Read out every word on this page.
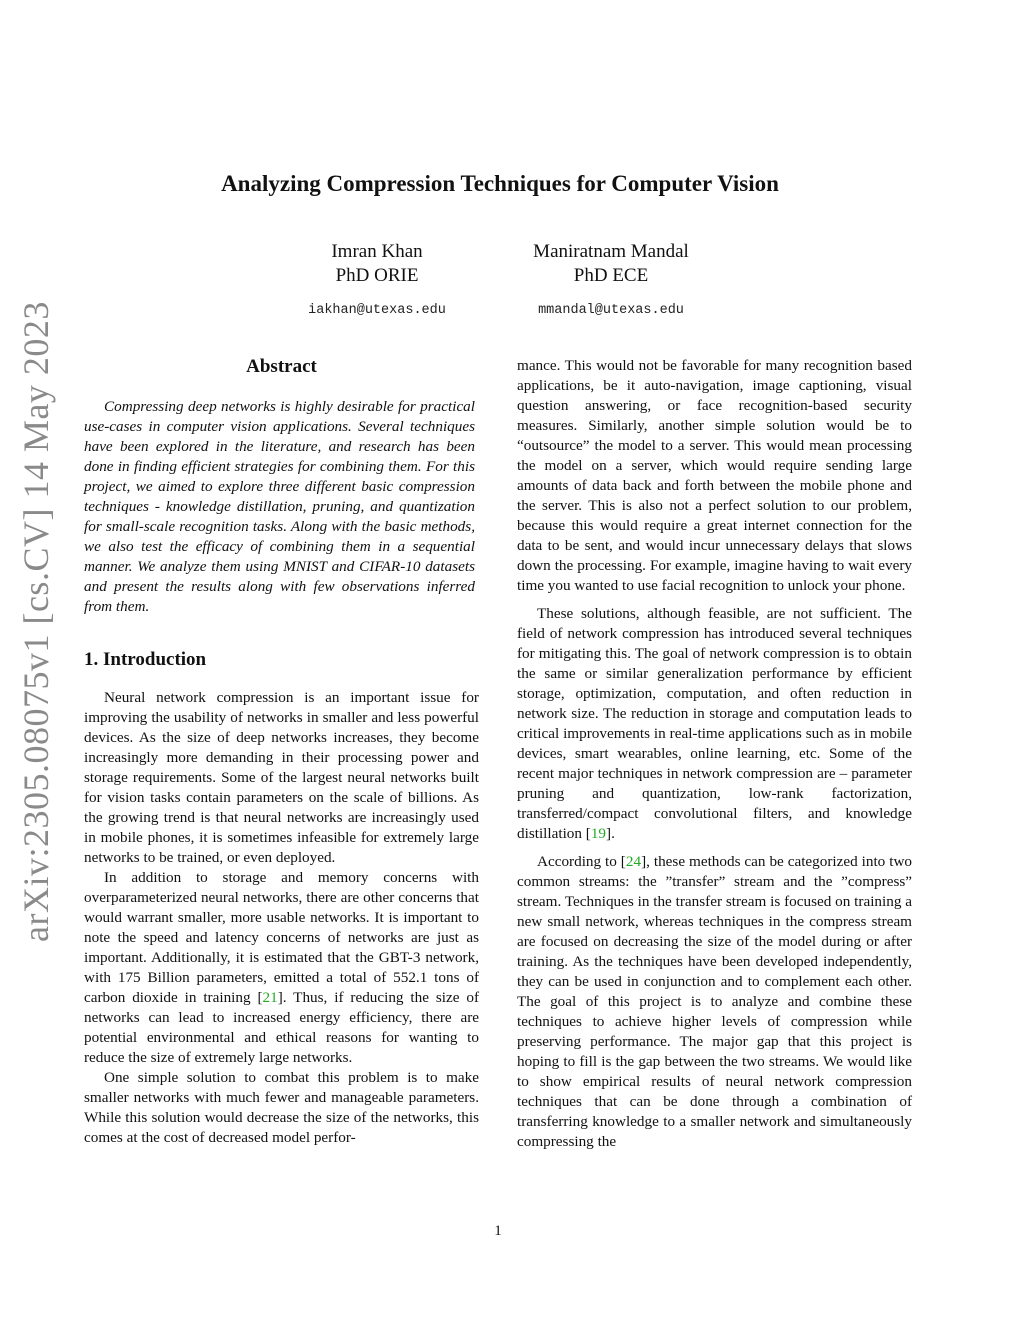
arXiv:2305.08075v1 [cs.CV] 14 May 2023
Analyzing Compression Techniques for Computer Vision
Imran Khan
PhD ORIE
iakhan@utexas.edu
Maniratnam Mandal
PhD ECE
mmandal@utexas.edu
Abstract

Compressing deep networks is highly desirable for practical use-cases in computer vision applications. Several techniques have been explored in the literature, and research has been done in finding efficient strategies for combining them. For this project, we aimed to explore three different basic compression techniques - knowledge distillation, pruning, and quantization for small-scale recognition tasks. Along with the basic methods, we also test the efficacy of combining them in a sequential manner. We analyze them using MNIST and CIFAR-10 datasets and present the results along with few observations inferred from them.

1. Introduction

Neural network compression is an important issue for improving the usability of networks in smaller and less powerful devices. As the size of deep networks increases, they become increasingly more demanding in their processing power and storage requirements. Some of the largest neural networks built for vision tasks contain parameters on the scale of billions. As the growing trend is that neural networks are increasingly used in mobile phones, it is sometimes infeasible for extremely large networks to be trained, or even deployed.

In addition to storage and memory concerns with overparameterized neural networks, there are other concerns that would warrant smaller, more usable networks. It is important to note the speed and latency concerns of networks are just as important. Additionally, it is estimated that the GBT-3 network, with 175 Billion parameters, emitted a total of 552.1 tons of carbon dioxide in training [21]. Thus, if reducing the size of networks can lead to increased energy efficiency, there are potential environmental and ethical reasons for wanting to reduce the size of extremely large networks.

One simple solution to combat this problem is to make smaller networks with much fewer and manageable parameters. While this solution would decrease the size of the networks, this comes at the cost of decreased model perfor-

mance. This would not be favorable for many recognition based applications, be it auto-navigation, image captioning, visual question answering, or face recognition-based security measures. Similarly, another simple solution would be to “outsource” the model to a server. This would mean processing the model on a server, which would require sending large amounts of data back and forth between the mobile phone and the server. This is also not a perfect solution to our problem, because this would require a great internet connection for the data to be sent, and would incur unnecessary delays that slows down the processing. For example, imagine having to wait every time you wanted to use facial recognition to unlock your phone.

These solutions, although feasible, are not sufficient. The field of network compression has introduced several techniques for mitigating this. The goal of network compression is to obtain the same or similar generalization performance by efficient storage, optimization, computation, and often reduction in network size. The reduction in storage and computation leads to critical improvements in real-time applications such as in mobile devices, smart wearables, online learning, etc. Some of the recent major techniques in network compression are – parameter pruning and quantization, low-rank factorization, transferred/compact convolutional filters, and knowledge distillation [19].

According to [24], these methods can be categorized into two common streams: the ”transfer” stream and the ”compress” stream. Techniques in the transfer stream is focused on training a new small network, whereas techniques in the compress stream are focused on decreasing the size of the model during or after training. As the techniques have been developed independently, they can be used in conjunction and to complement each other. The goal of this project is to analyze and combine these techniques to achieve higher levels of compression while preserving performance. The major gap that this project is hoping to fill is the gap between the two streams. We would like to show empirical results of neural network compression techniques that can be done through a combination of transferring knowledge to a smaller network and simultaneously compressing the

1
